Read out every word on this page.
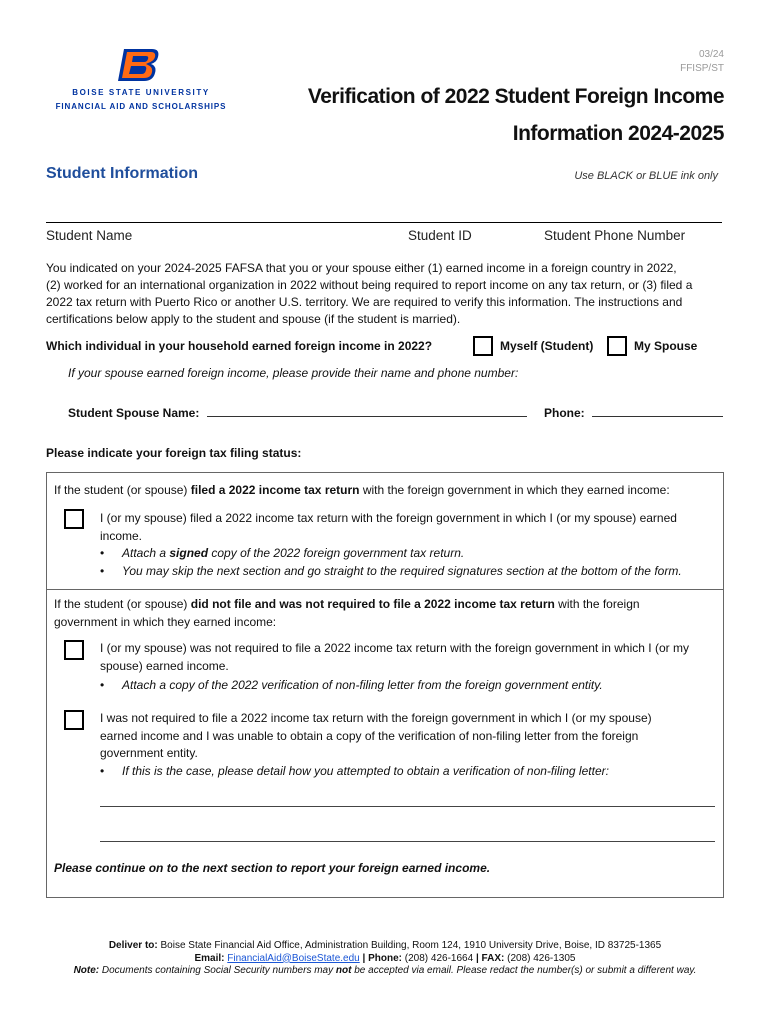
BOISE STATE UNIVERSITY
FINANCIAL AID AND SCHOLARSHIPS
03/24
FFISP/ST
Verification of 2022 Student Foreign Income
Information 2024-2025
Student Information	Use BLACK or BLUE ink only
Student Name	Student ID	Student Phone Number
You indicated on your 2024-2025 FAFSA that you or your spouse either (1) earned income in a foreign country in 2022,
(2) worked for an international organization in 2022 without being required to report income on any tax return, or (3) filed a
2022 tax return with Puerto Rico or another U.S. territory. We are required to verify this information. The instructions and
certifications below apply to the student and spouse (if the student is married).
Which individual in your household earned foreign income in 2022?	Myself (Student)	My Spouse
If your spouse earned foreign income, please provide their name and phone number:
Student Spouse Name:	Phone:
Please indicate your foreign tax filing status:
If the student (or spouse) filed a 2022 income tax return with the foreign government in which they earned income:
I (or my spouse) filed a 2022 income tax return with the foreign government in which I (or my spouse) earned
income.
• Attach a signed copy of the 2022 foreign government tax return.
• You may skip the next section and go straight to the required signatures section at the bottom of the form.
If the student (or spouse) did not file and was not required to file a 2022 income tax return with the foreign
government in which they earned income:
I (or my spouse) was not required to file a 2022 income tax return with the foreign government in which I (or my
spouse) earned income.
• Attach a copy of the 2022 verification of non-filing letter from the foreign government entity.
I was not required to file a 2022 income tax return with the foreign government in which I (or my spouse)
earned income and I was unable to obtain a copy of the verification of non-filing letter from the foreign
government entity.
• If this is the case, please detail how you attempted to obtain a verification of non-filing letter:
Please continue on to the next section to report your foreign earned income.
Deliver to: Boise State Financial Aid Office, Administration Building, Room 124, 1910 University Drive, Boise, ID 83725-1365
Email: FinancialAid@BoiseState.edu | Phone: (208) 426-1664 | FAX: (208) 426-1305
Note: Documents containing Social Security numbers may not be accepted via email. Please redact the number(s) or submit a different way.
